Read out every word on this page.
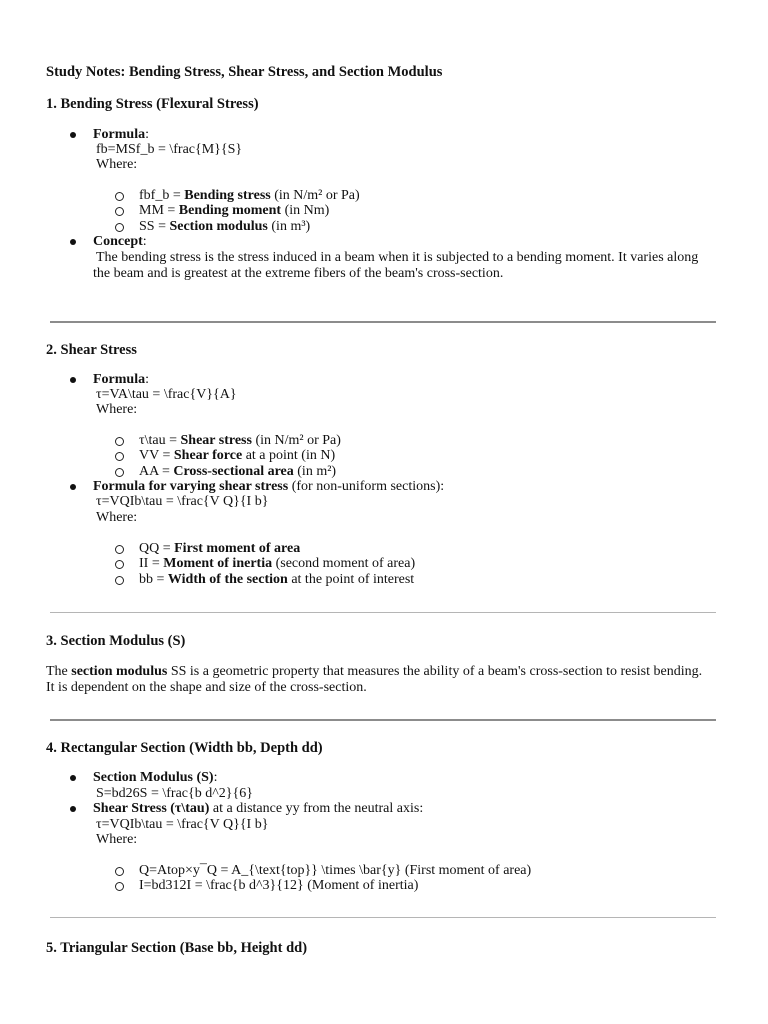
Study Notes: Bending Stress, Shear Stress, and Section Modulus
1. Bending Stress (Flexural Stress)
Formula:
fb=MSf_b = \frac{M}{S}
Where:
fbf_b = Bending stress (in N/m² or Pa)
MM = Bending moment (in Nm)
SS = Section modulus (in m³)
Concept:
The bending stress is the stress induced in a beam when it is subjected to a bending moment. It varies along the beam and is greatest at the extreme fibers of the beam's cross-section.
2. Shear Stress
Formula:
τ=VA\tau = \frac{V}{A}
Where:
τ\tau = Shear stress (in N/m² or Pa)
VV = Shear force at a point (in N)
AA = Cross-sectional area (in m²)
Formula for varying shear stress (for non-uniform sections):
τ=VQIb\tau = \frac{V Q}{I b}
Where:
QQ = First moment of area
II = Moment of inertia (second moment of area)
bb = Width of the section at the point of interest
3. Section Modulus (S)
The section modulus SS is a geometric property that measures the ability of a beam's cross-section to resist bending. It is dependent on the shape and size of the cross-section.
4. Rectangular Section (Width bb, Depth dd)
Section Modulus (S):
S=bd26S = \frac{b d^2}{6}
Shear Stress (τ\tau) at a distance yy from the neutral axis:
τ=VQIb\tau = \frac{V Q}{I b}
Where:
Q=Atop×y¯Q = A_{\text{top}} \times \bar{y} (First moment of area)
I=bd312I = \frac{b d^3}{12} (Moment of inertia)
5. Triangular Section (Base bb, Height dd)
